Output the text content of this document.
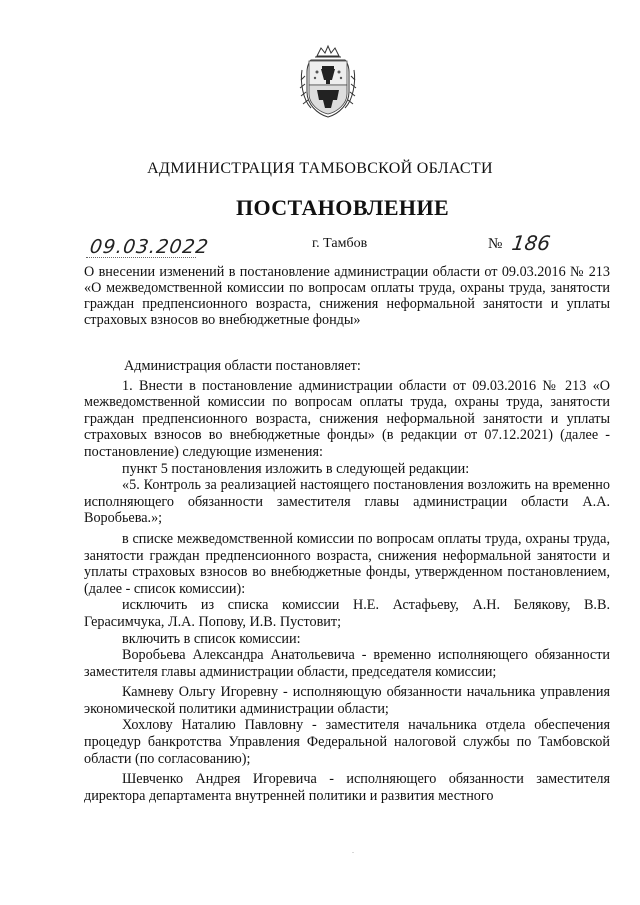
АДМИНИСТРАЦИЯ ТАМБОВСКОЙ ОБЛАСТИ
ПОСТАНОВЛЕНИЕ
09.03.2022	г. Тамбов	№ 186
О внесении изменений в постановление администрации области от 09.03.2016 № 213 «О межведомственной комиссии по вопросам оплаты труда, охраны труда, занятости граждан предпенсионного возраста, снижения неформальной занятости и уплаты страховых взносов во внебюджетные фонды»

Администрация области постановляет:

1. Внести в постановление администрации области от 09.03.2016 № 213 «О межведомственной комиссии по вопросам оплаты труда, охраны труда, занятости граждан предпенсионного возраста, снижения неформальной занятости и уплаты страховых взносов во внебюджетные фонды» (в редакции от 07.12.2021) (далее - постановление) следующие изменения:

пункт 5 постановления изложить в следующей редакции:

«5. Контроль за реализацией настоящего постановления возложить на временно исполняющего обязанности заместителя главы администрации области А.А. Воробьева.»;

в списке межведомственной комиссии по вопросам оплаты труда, охраны труда, занятости граждан предпенсионного возраста, снижения неформальной занятости и уплаты страховых взносов во внебюджетные фонды, утвержденном постановлением, (далее - список комиссии):

исключить из списка комиссии Н.Е. Астафьеву, А.Н. Белякову, В.В. Герасимчука, Л.А. Попову, И.В. Пустовит;

включить в список комиссии:

Воробьева Александра Анатольевича - временно исполняющего обязанности заместителя главы администрации области, председателя комиссии;

Камневу Ольгу Игоревну - исполняющую обязанности начальника управления экономической политики администрации области;

Хохлову Наталию Павловну - заместителя начальника отдела обеспечения процедур банкротства Управления Федеральной налоговой службы по Тамбовской области (по согласованию);

Шевченко Андрея Игоревича - исполняющего обязанности заместителя директора департамента внутренней политики и развития местного

.
